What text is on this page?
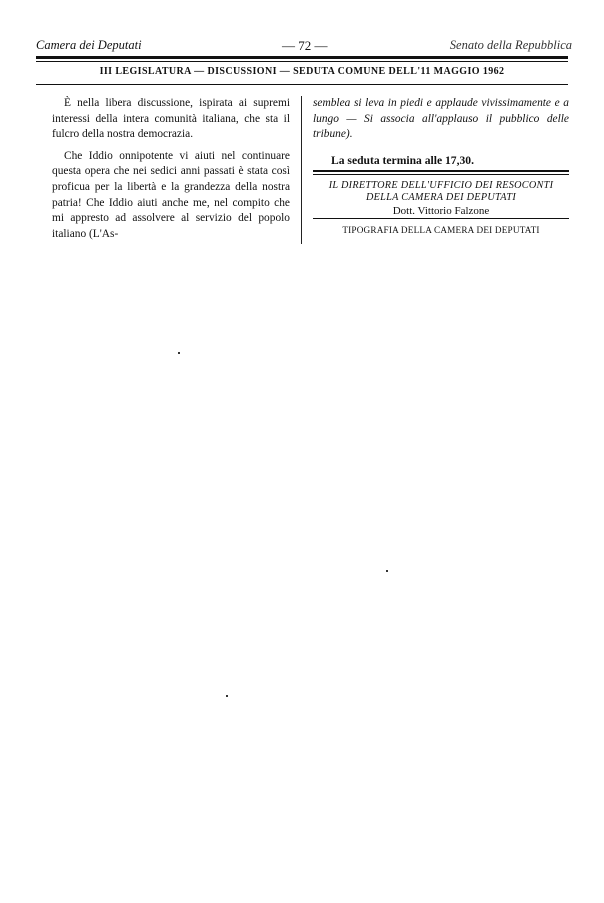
Camera dei Deputati	— 72 —	Senato della Repubblica
III LEGISLATURA — DISCUSSIONI — SEDUTA COMUNE DELL'11 MAGGIO 1962

È nella libera discussione, ispirata ai supremi interessi della intera comunità italiana, che sta il fulcro della nostra democrazia.

Che Iddio onnipotente vi aiuti nel continuare questa opera che nei sedici anni passati è stata così proficua per la libertà e la grandezza della nostra patria! Che Iddio aiuti anche me, nel compito che mi appresto ad assolvere al servizio del popolo italiano (L'As-

semblea si leva in piedi e applaude vivissimamente e a lungo — Si associa all'applauso il pubblico delle tribune).

La seduta termina alle 17,30.

IL DIRETTORE DELL'UFFICIO DEI RESOCONTI
DELLA CAMERA DEI DEPUTATI
Dott. Vittorio Falzone
TIPOGRAFIA DELLA CAMERA DEI DEPUTATI
